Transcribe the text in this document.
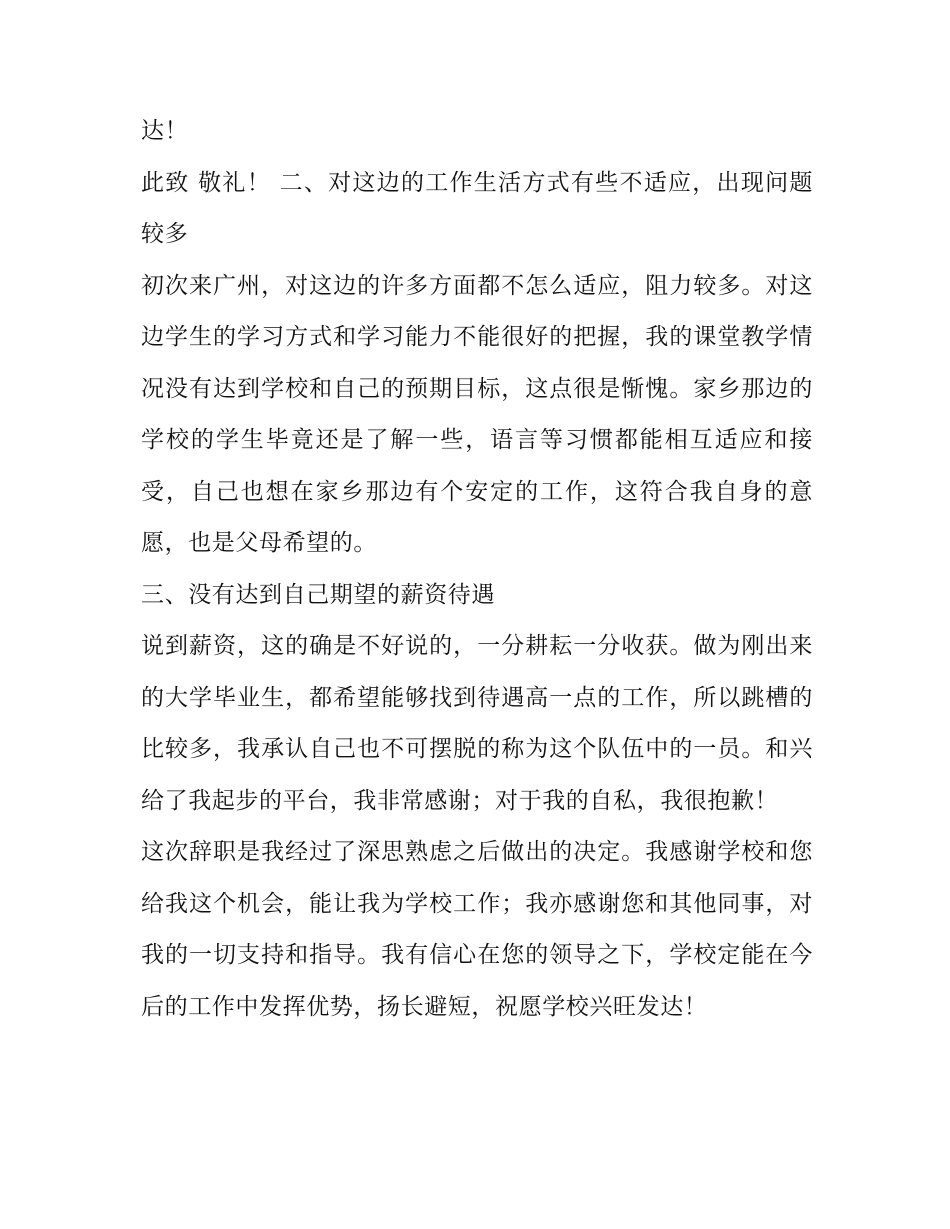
达！

此致 敬礼！ 二、对这边的工作生活方式有些不适应，出现问题较多

初次来广州，对这边的许多方面都不怎么适应，阻力较多。对这边学生的学习方式和学习能力不能很好的把握，我的课堂教学情况没有达到学校和自己的预期目标，这点很是惭愧。家乡那边的学校的学生毕竟还是了解一些，语言等习惯都能相互适应和接受，自己也想在家乡那边有个安定的工作，这符合我自身的意愿，也是父母希望的。

三、没有达到自己期望的薪资待遇

说到薪资，这的确是不好说的，一分耕耘一分收获。做为刚出来的大学毕业生，都希望能够找到待遇高一点的工作，所以跳槽的比较多，我承认自己也不可摆脱的称为这个队伍中的一员。和兴给了我起步的平台，我非常感谢；对于我的自私，我很抱歉！

这次辞职是我经过了深思熟虑之后做出的决定。我感谢学校和您给我这个机会，能让我为学校工作；我亦感谢您和其他同事，对我的一切支持和指导。我有信心在您的领导之下，学校定能在今后的工作中发挥优势，扬长避短，祝愿学校兴旺发达！
